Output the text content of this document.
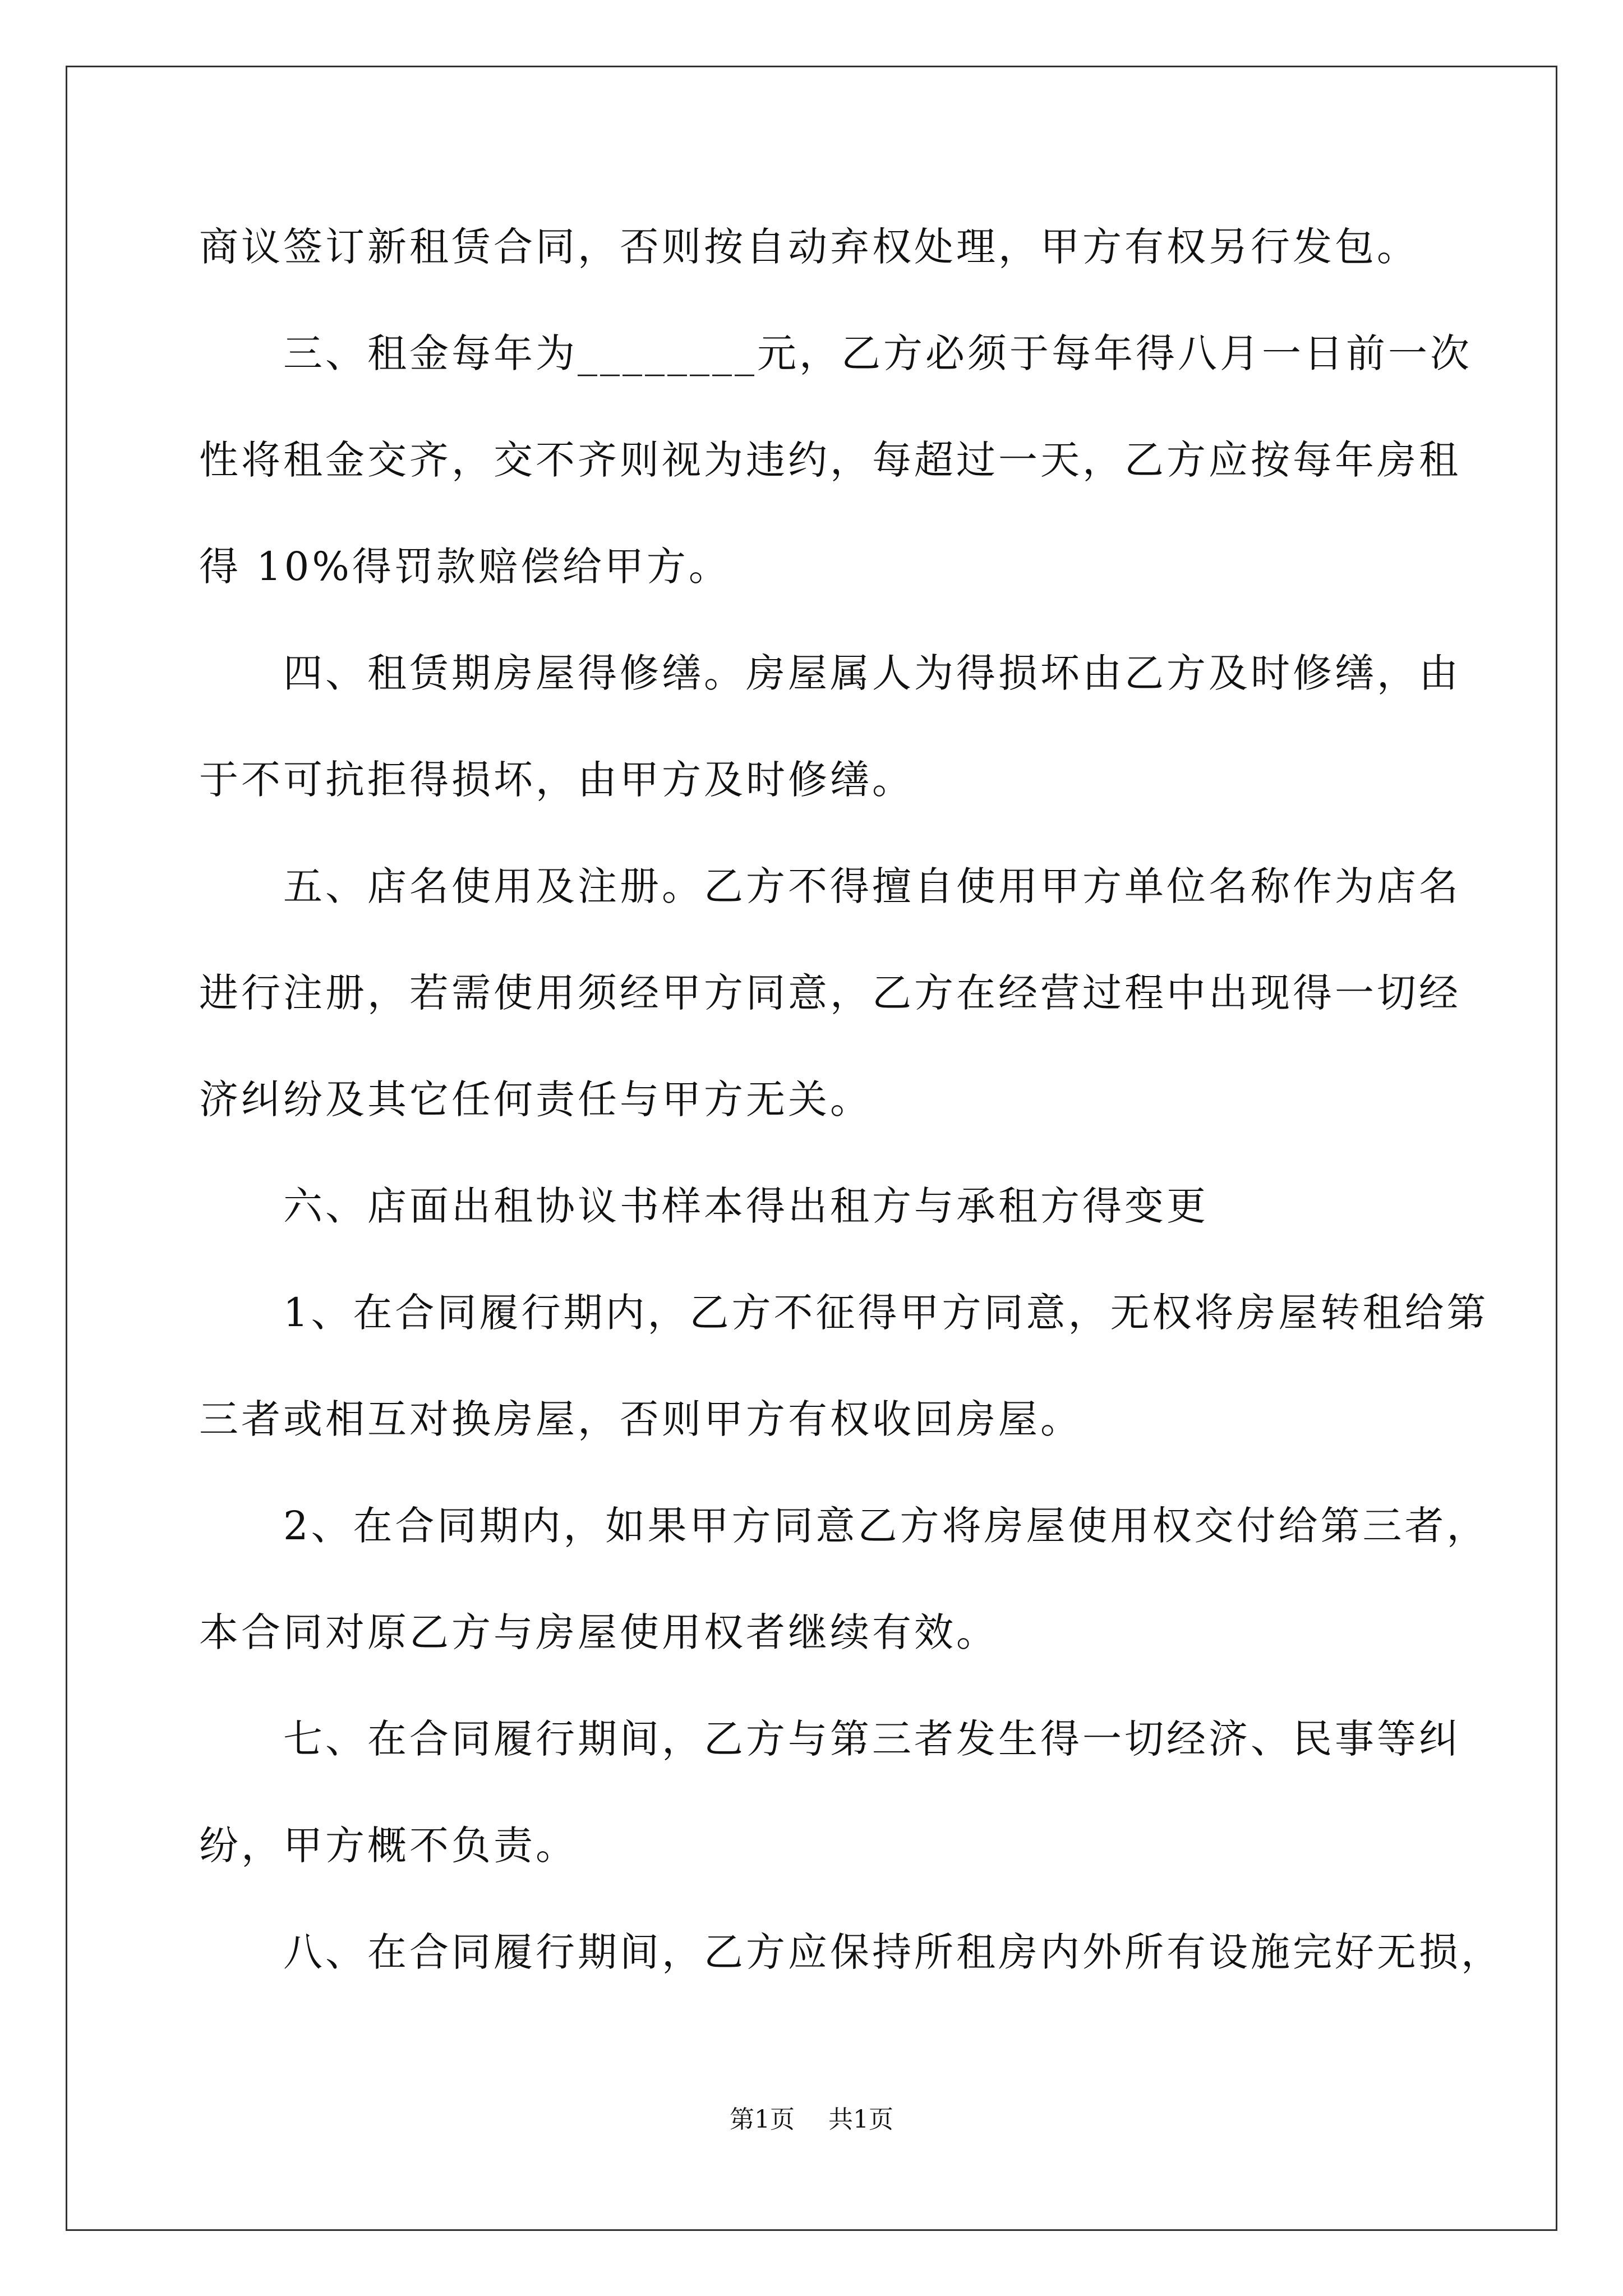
商议签订新租赁合同，否则按自动弃权处理，甲方有权另行发包。
　　三、租金每年为________元，乙方必须于每年得八月一日前一次
性将租金交齐，交不齐则视为违约，每超过一天，乙方应按每年房租
得 10%得罚款赔偿给甲方。
　　四、租赁期房屋得修缮。房屋属人为得损坏由乙方及时修缮，由
于不可抗拒得损坏，由甲方及时修缮。
　　五、店名使用及注册。乙方不得擅自使用甲方单位名称作为店名
进行注册，若需使用须经甲方同意，乙方在经营过程中出现得一切经
济纠纷及其它任何责任与甲方无关。
　　六、店面出租协议书样本得出租方与承租方得变更
　　1、在合同履行期内，乙方不征得甲方同意，无权将房屋转租给第
三者或相互对换房屋，否则甲方有权收回房屋。
　　2、在合同期内，如果甲方同意乙方将房屋使用权交付给第三者，
本合同对原乙方与房屋使用权者继续有效。
　　七、在合同履行期间，乙方与第三者发生得一切经济、民事等纠
纷，甲方概不负责。
　　八、在合同履行期间，乙方应保持所租房内外所有设施完好无损，
第1页 共1页
